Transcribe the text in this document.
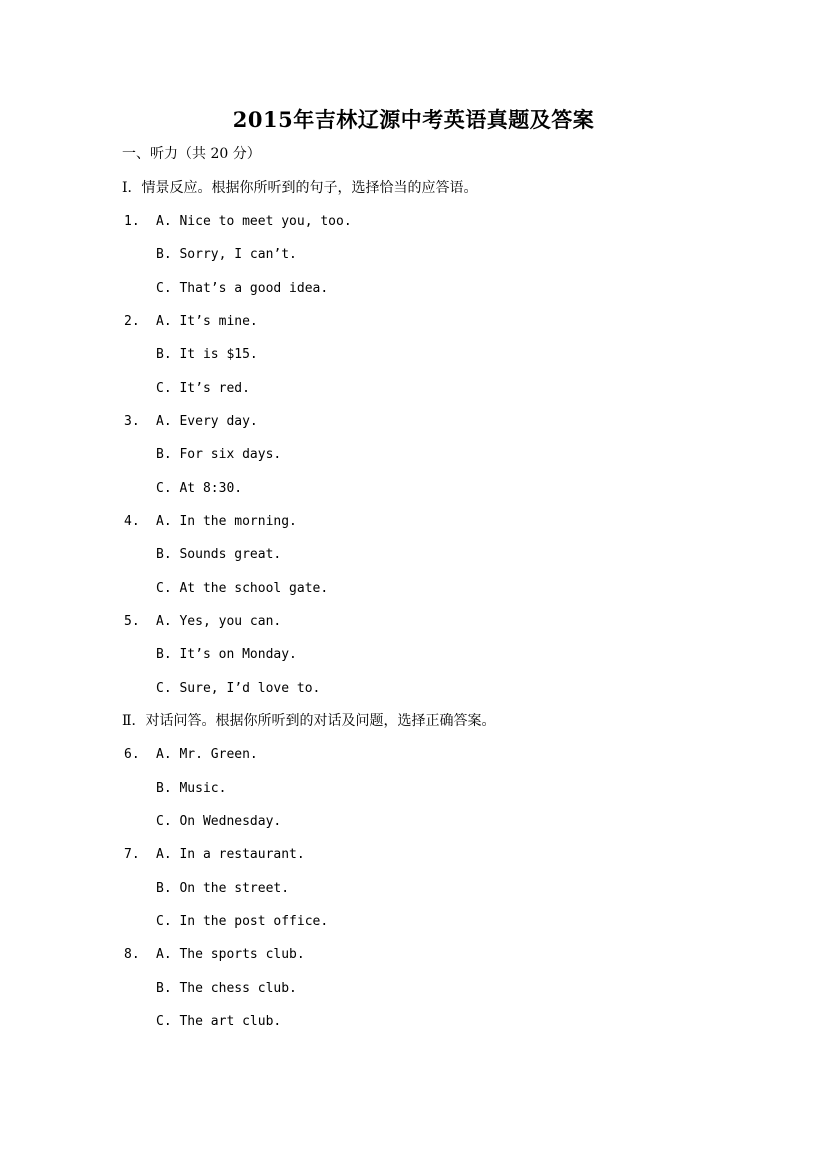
2015年吉林辽源中考英语真题及答案
一、听力（共 20 分）
Ⅰ．情景反应。根据你所听到的句子，选择恰当的应答语。
1. A. Nice to meet you, too.
B. Sorry, I can’t.
C. That’s a good idea.
2. A. It’s mine.
B. It is $15.
C. It’s red.
3. A. Every day.
B. For six days.
C. At 8:30.
4. A. In the morning.
B. Sounds great.
C. At the school gate.
5. A. Yes, you can.
B. It’s on Monday.
C. Sure, I’d love to.
Ⅱ．对话问答。根据你所听到的对话及问题，选择正确答案。
6. A. Mr. Green.
B. Music.
C. On Wednesday.
7. A. In a restaurant.
B. On the street.
C. In the post office.
8. A. The sports club.
B. The chess club.
C. The art club.
